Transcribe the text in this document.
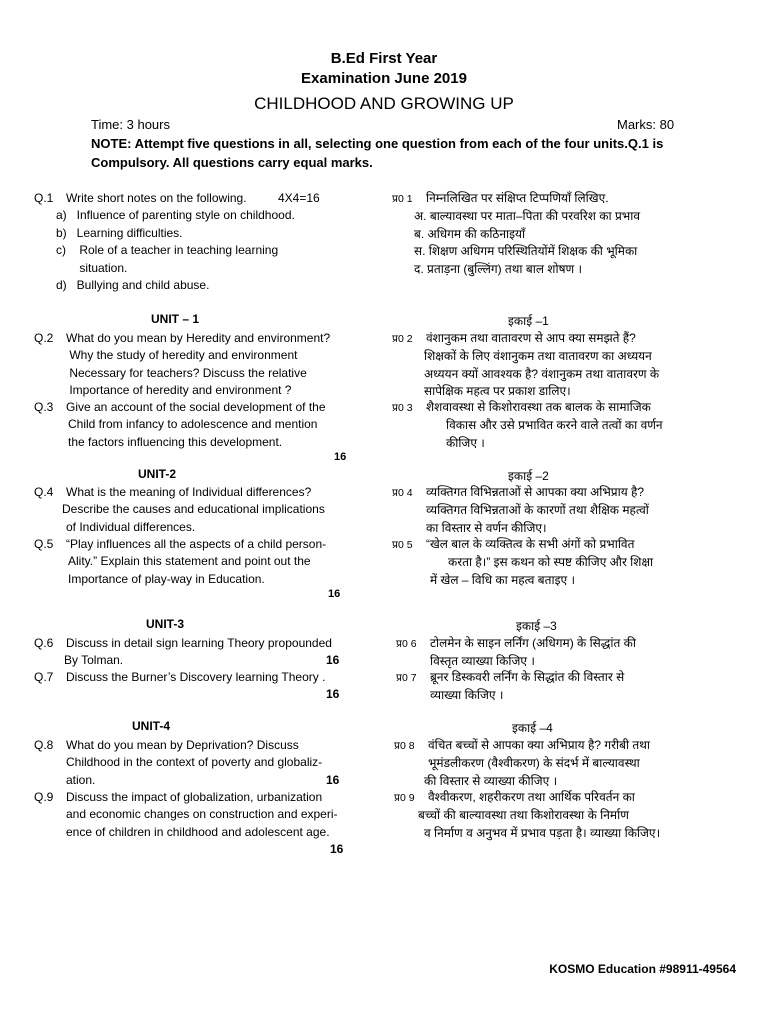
B.Ed First Year
Examination June 2019
CHILDHOOD AND GROWING UP
Time: 3 hours	Marks: 80
NOTE: Attempt five questions in all, selecting one question from each of the four units.Q.1 is
Compulsory. All questions carry equal marks.
Q.1 Write short notes on the following.	4X4=16
a)   Influence of parenting style on childhood.
b)   Learning difficulties.
c)    Role of a teacher in teaching learning
situation.
d)   Bullying and child abuse.
UNIT – 1
Q.2 What do you mean by Heredity and environment?
Why the study of heredity and environment
Necessary for teachers? Discuss the relative
Importance of heredity and environment ?
Q.3 Give an account of the social development of the
Child from infancy to adolescence and mention
the factors influencing this development.
16
UNIT-2
Q.4 What is the meaning of Individual differences?
Describe the causes and educational implications
of Individual differences.
Q.5 “Play influences all the aspects of a child person-
Ality.” Explain this statement and point out the
Importance of play-way in Education.
16
UNIT-3
Q.6 Discuss in detail sign learning Theory propounded
By Tolman.	16
Q.7 Discuss the Burner’s Discovery learning Theory .
16
UNIT-4
Q.8 What do you mean by Deprivation? Discuss
Childhood in the context of poverty and globaliz-
ation.	16
Q.9 Discuss the impact of globalization, urbanization
and economic changes on construction and experi-
ence of children in childhood and adolescent age.
16
प्र0 1 निम्नलिखित पर संक्षिप्त टिप्पणियाँ लिखिए.
अ. बाल्यावस्था पर माता–पिता की परवरिश का प्रभाव
ब. अधिगम की कठिनाइयाँ
स. शिक्षण अधिगम परिस्थितियोंमें शिक्षक की भूमिका
द. प्रताड़ना (बुल्लिंग) तथा बाल शोषण ।
इकाई –1
प्र0 2 वंशानुकम तथा वातावरण से आप क्या समझते हैं?
शिक्षकों के लिए वंशानुकम तथा वातावरण का अध्ययन
अध्ययन क्यों आवश्यक है? वंशानुकम तथा वातावरण के
सापेक्षिक महत्व पर प्रकाश डालिए।
प्र0 3 शैशवावस्था से किशोरावस्था तक बालक के सामाजिक
विकास और उसे प्रभावित करने वाले तत्वों का वर्णन
कीजिए ।
इकाई –2
प्र0 4 व्यक्तिगत विभिन्नताओं से आपका क्या अभिप्राय है?
व्यक्तिगत विभिन्नताओं के कारणों तथा शैक्षिक महत्वों
का विस्तार से वर्णन कीजिए।
प्र0 5 “खेल बाल के व्यक्तित्व के सभी अंगों को प्रभावित
करता है।” इस कथन को स्पष्ट कीजिए और शिक्षा
में खेल – विधि का महत्व बताइए ।
इकाई –3
प्र0 6 टोलमेन के साइन लर्निंग (अधिगम) के सिद्धांत की
विस्तृत व्याख्या किजिए ।
प्र0 7 ब्रूनर डिस्कवरी लर्निंग के सिद्धांत की विस्तार से
व्याख्या किजिए ।
इकाई –4
प्र0 8 वंचित बच्चों से आपका क्या अभिप्राय है? गरीबी तथा
भूमंडलीकरण (वैश्वीकरण) के संदर्भ में बाल्यावस्था
की विस्तार से व्याख्या कीजिए ।
प्र0 9 वैश्वीकरण, शहरीकरण तथा आर्थिक परिवर्तन का
बच्चों की बाल्यावस्था तथा किशोरावस्था के निर्माण
व निर्माण व अनुभव में प्रभाव पड़ता है। व्याख्या किजिए।
KOSMO Education #98911-49564
